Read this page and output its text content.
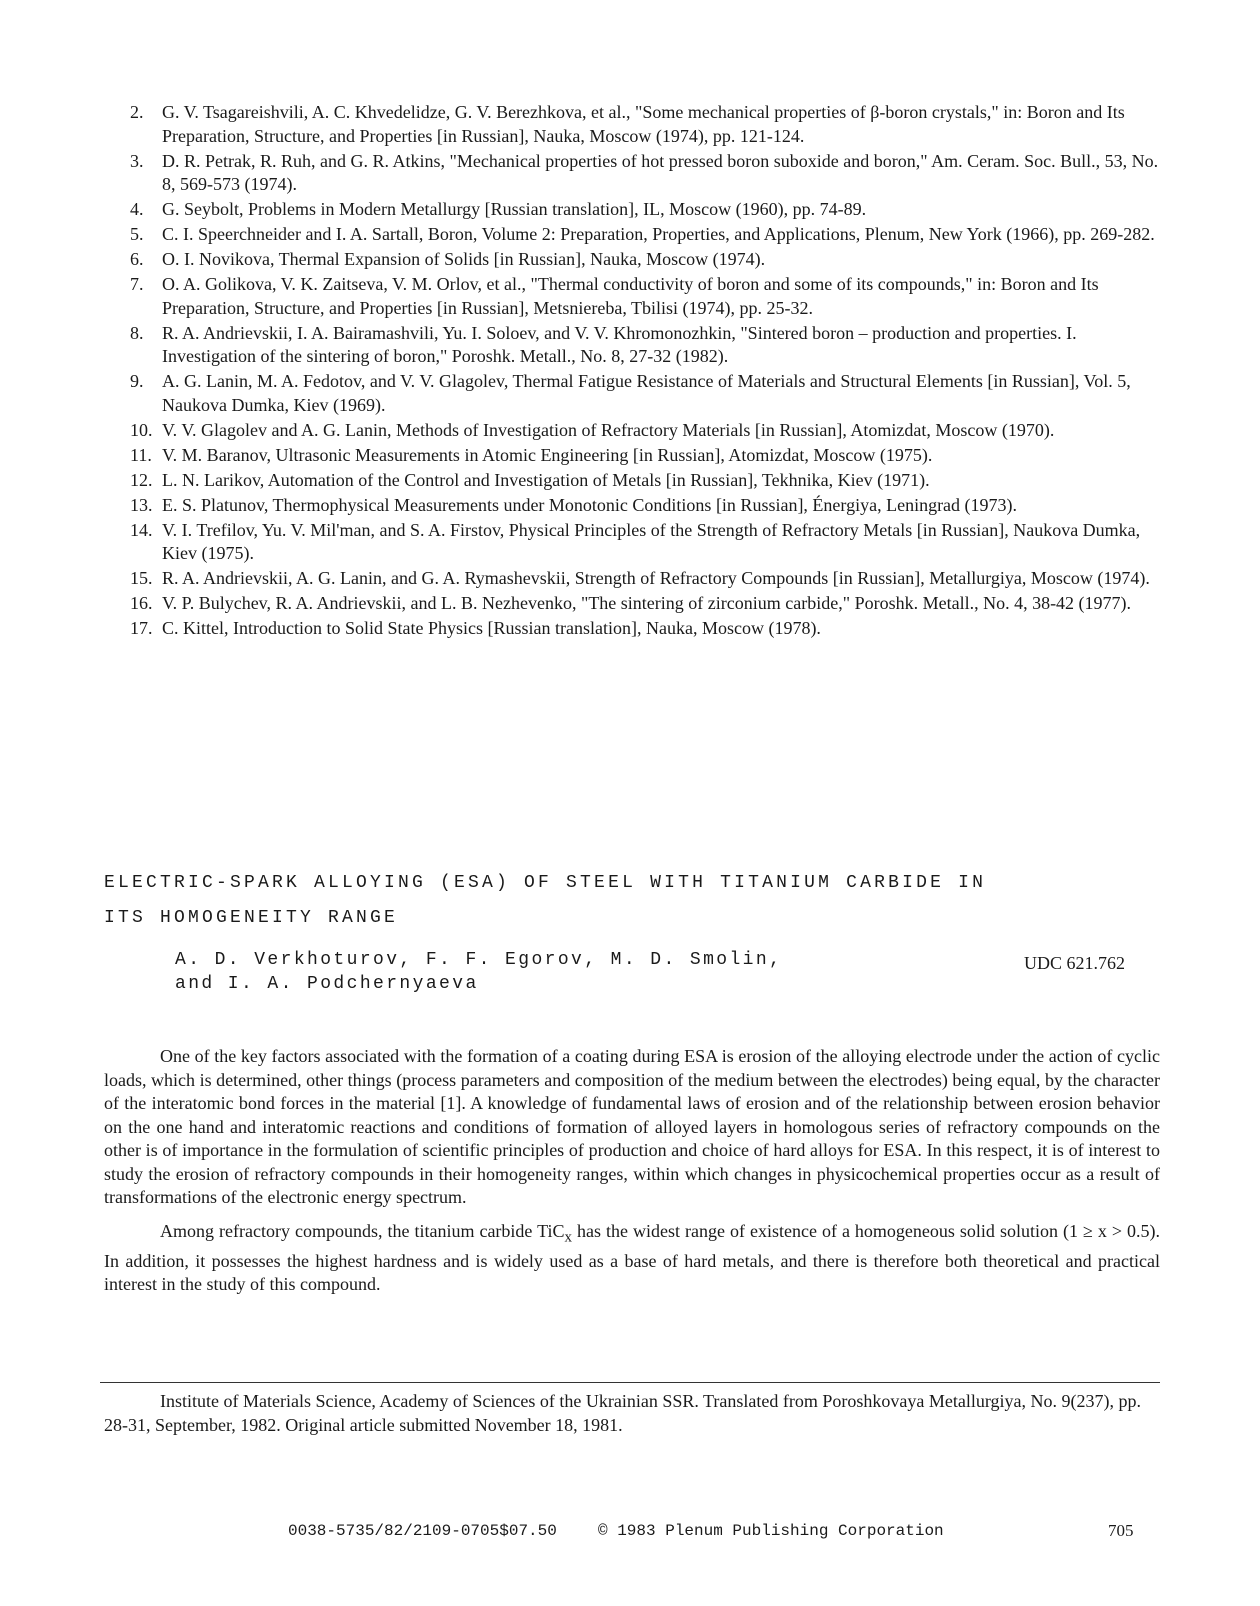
2.	G. V. Tsagareishvili, A. C. Khvedelidze, G. V. Berezhkova, et al., "Some mechanical properties of β-boron crystals," in: Boron and Its Preparation, Structure, and Properties [in Russian], Nauka, Moscow (1974), pp. 121-124.
3.	D. R. Petrak, R. Ruh, and G. R. Atkins, "Mechanical properties of hot pressed boron suboxide and boron," Am. Ceram. Soc. Bull., 53, No. 8, 569-573 (1974).
4.	G. Seybolt, Problems in Modern Metallurgy [Russian translation], IL, Moscow (1960), pp. 74-89.
5.	C. I. Speerchneider and I. A. Sartall, Boron, Volume 2: Preparation, Properties, and Applications, Plenum, New York (1966), pp. 269-282.
6.	O. I. Novikova, Thermal Expansion of Solids [in Russian], Nauka, Moscow (1974).
7.	O. A. Golikova, V. K. Zaitseva, V. M. Orlov, et al., "Thermal conductivity of boron and some of its compounds," in: Boron and Its Preparation, Structure, and Properties [in Russian], Metsniereba, Tbilisi (1974), pp. 25-32.
8.	R. A. Andrievskii, I. A. Bairamashvili, Yu. I. Soloev, and V. V. Khromonozhkin, "Sintered boron – production and properties. I. Investigation of the sintering of boron," Poroshk. Metall., No. 8, 27-32 (1982).
9.	A. G. Lanin, M. A. Fedotov, and V. V. Glagolev, Thermal Fatigue Resistance of Materials and Structural Elements [in Russian], Vol. 5, Naukova Dumka, Kiev (1969).
10. V. V. Glagolev and A. G. Lanin, Methods of Investigation of Refractory Materials [in Russian], Atomizdat, Moscow (1970).
11. V. M. Baranov, Ultrasonic Measurements in Atomic Engineering [in Russian], Atomizdat, Moscow (1975).
12. L. N. Larikov, Automation of the Control and Investigation of Metals [in Russian], Tekhnika, Kiev (1971).
13. E. S. Platunov, Thermophysical Measurements under Monotonic Conditions [in Russian], Énergiya, Leningrad (1973).
14. V. I. Trefilov, Yu. V. Mil'man, and S. A. Firstov, Physical Principles of the Strength of Refractory Metals [in Russian], Naukova Dumka, Kiev (1975).
15. R. A. Andrievskii, A. G. Lanin, and G. A. Rymashevskii, Strength of Refractory Compounds [in Russian], Metallurgiya, Moscow (1974).
16. V. P. Bulychev, R. A. Andrievskii, and L. B. Nezhevenko, "The sintering of zirconium carbide," Poroshk. Metall., No. 4, 38-42 (1977).
17. C. Kittel, Introduction to Solid State Physics [Russian translation], Nauka, Moscow (1978).
ELECTRIC-SPARK ALLOYING (ESA) OF STEEL WITH TITANIUM CARBIDE IN
ITS HOMOGENEITY RANGE
A. D. Verkhoturov, F. F. Egorov, M. D. Smolin,
and I. A. Podchernyaeva
UDC 621.762

One of the key factors associated with the formation of a coating during ESA is erosion of the alloying electrode under the action of cyclic loads, which is determined, other things (process parameters and composition of the medium between the electrodes) being equal, by the character of the interatomic bond forces in the material [1]. A knowledge of fundamental laws of erosion and of the relationship between erosion behavior on the one hand and interatomic reactions and conditions of formation of alloyed layers in homologous series of refractory compounds on the other is of importance in the formulation of scientific principles of production and choice of hard alloys for ESA. In this respect, it is of interest to study the erosion of refractory compounds in their homogeneity ranges, within which changes in physicochemical properties occur as a result of transformations of the electronic energy spectrum.

Among refractory compounds, the titanium carbide TiC$_x$ has the widest range of existence of a homogeneous solid solution (1 ≥ x > 0.5). In addition, it possesses the highest hardness and is widely used as a base of hard metals, and there is therefore both theoretical and practical interest in the study of this compound.

Institute of Materials Science, Academy of Sciences of the Ukrainian SSR. Translated from Poroshkovaya Metallurgiya, No. 9(237), pp. 28-31, September, 1982. Original article submitted November 18, 1981.
0038-5735/82/2109-0705$07.50	© 1983 Plenum Publishing Corporation	705
